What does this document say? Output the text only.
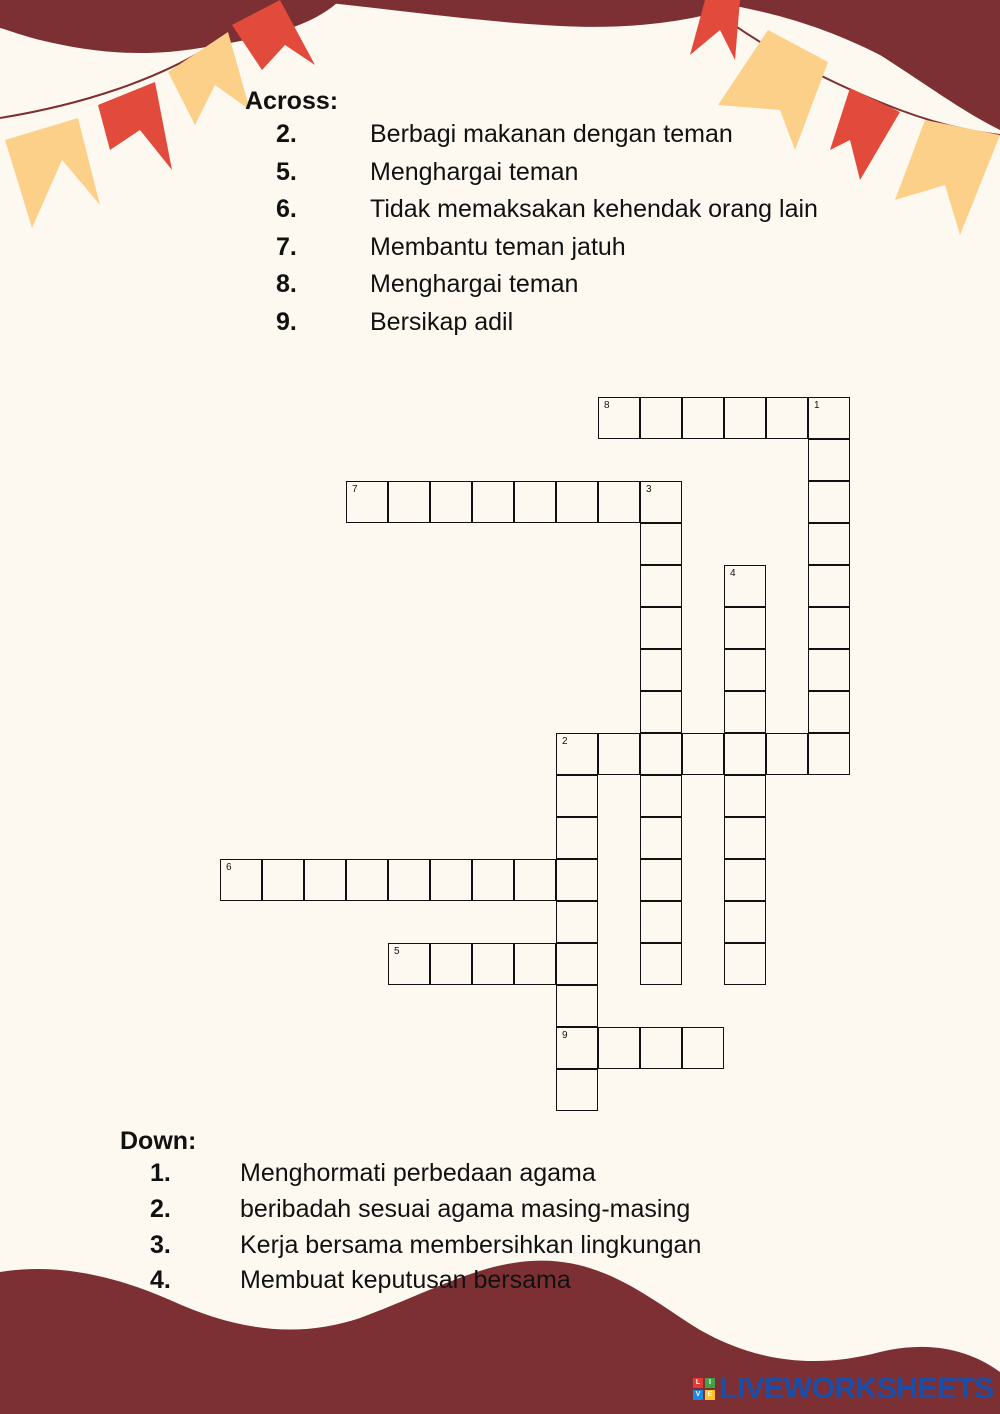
Across:
2.	Berbagi makanan dengan teman
5.	Menghargai teman
6.	Tidak memaksakan kehendak orang lain
7.	Membantu teman jatuh
8.	Menghargai teman
9.	Bersikap adil
8	1
7	3
4
2
9
6
5
Down:
1.	Menghormati perbedaan agama
2.	beribadah sesuai agama masing-masing
3.	Kerja bersama membersihkan lingkungan
4.	Membuat keputusan bersama
L	I
V	E LIVEWORKSHEETS
